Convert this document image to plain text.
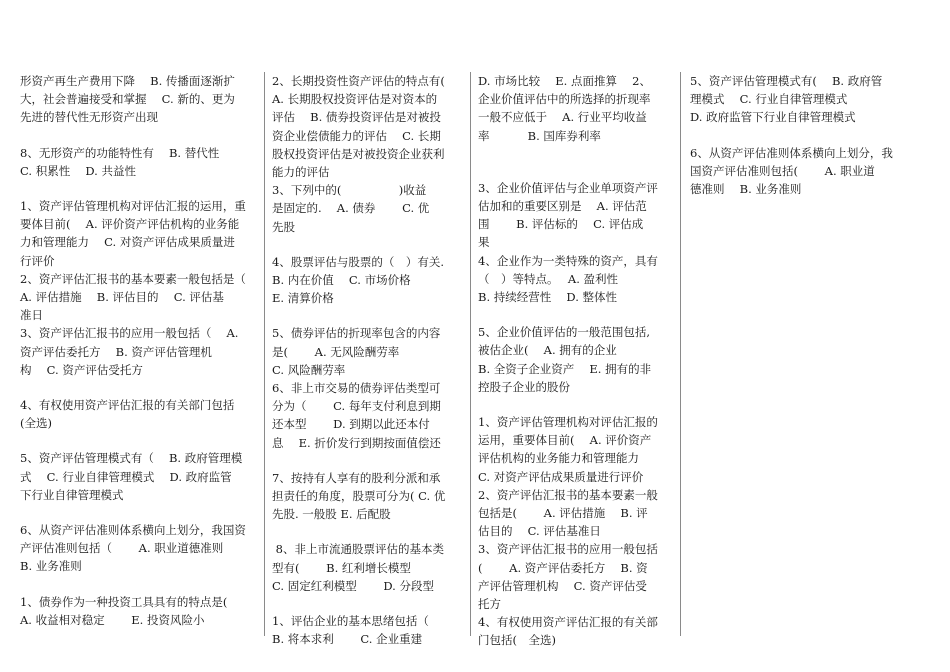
形资产再生产费用下降　 B. 传播面逐渐扩
大，社会普遍接受和掌握　 C. 新的、更为
先进的替代性无形资产出现

8、无形资产的功能特性有　 B. 替代性
C. 积累性　 D. 共益性

1、资产评估管理机构对评估汇报的运用，重
要体目前(　 A. 评价资产评估机构的业务能
力和管理能力　 C. 对资产评估成果质量进
行评价
2、资产评估汇报书的基本要素一般包括是（
A. 评估措施　 B. 评估目的　 C. 评估基
准日
3、资产评估汇报书的应用一般包括（　 A.
资产评估委托方　 B. 资产评估管理机
构　 C. 资产评估受托方

4、有权使用资产评估汇报的有关部门包括
(全选)

5、资产评估管理模式有（　 B. 政府管理模
式　 C. 行业自律管理模式　 D. 政府监管
下行业自律管理模式

6、从资产评估准则体系横向上划分，我国资
产评估准则包括（　　 A. 职业道德准则
B. 业务准则

1、债券作为一种投资工具具有的特点是(
A. 收益相对稳定　　 E. 投资风险小

2、长期投资性资产评估的特点有(
A. 长期股权投资评估是对资本的
评估　 B. 债券投资评估是对被投
资企业偿债能力的评估　 C. 长期
股权投资评估是对被投资企业获利
能力的评估
3、下列中的(　　　　　)收益
是固定的.　 A. 债券　　 C. 优
先股

4、股票评估与股票的（　）有关.
B. 内在价值　 C. 市场价格
E. 清算价格

5、债券评估的折现率包含的内容
是(　　 A. 无风险酬劳率
C. 风险酬劳率
6、非上市交易的债券评估类型可
分为（　　 C. 每年支付利息到期
还本型　　 D. 到期以此还本付
息　 E. 折价发行到期按面值偿还

7、按持有人享有的股利分派和承
担责任的角度，股票可分为( C. 优
先股. 一般股 E. 后配股

8、非上市流通股票评估的基本类
型有(　　 B. 红利增长模型
C. 固定红利模型　　 D. 分段型

1、评估企业的基本思绪包括（
B. 将本求利　　 C. 企业重建

D. 市场比较　 E. 点面推算　 2、
企业价值评估中的所选择的折现率
一般不应低于　 A. 行业平均收益
率　　　 B. 国库券利率

3、企业价值评估与企业单项资产评
估加和的重要区别是　 A. 评估范
围　　 B. 评估标的　 C. 评估成
果
4、企业作为一类特殊的资产，具有
（　）等特点。　 A. 盈利性
B. 持续经营性　 D. 整体性

5、企业价值评估的一般范围包括,
被估企业(　 A. 拥有的企业
B. 全资子企业资产　 E. 拥有的非
控股子企业的股份

1、资产评估管理机构对评估汇报的
运用，重要体目前(　 A. 评价资产
评估机构的业务能力和管理能力
C. 对资产评估成果质量进行评价
2、资产评估汇报书的基本要素一般
包括是(　　 A. 评估措施　 B. 评
估目的　 C. 评估基准日
3、资产评估汇报书的应用一般包括
(　　 A. 资产评估委托方　 B. 资
产评估管理机构　 C. 资产评估受
托方
4、有权使用资产评估汇报的有关部
门包括(　全选)

5、资产评估管理模式有(　 B. 政府管
理模式　 C. 行业自律管理模式
D. 政府监管下行业自律管理模式

6、从资产评估准则体系横向上划分，我
国资产评估准则包括(　　 A. 职业道
德准则　 B. 业务准则
